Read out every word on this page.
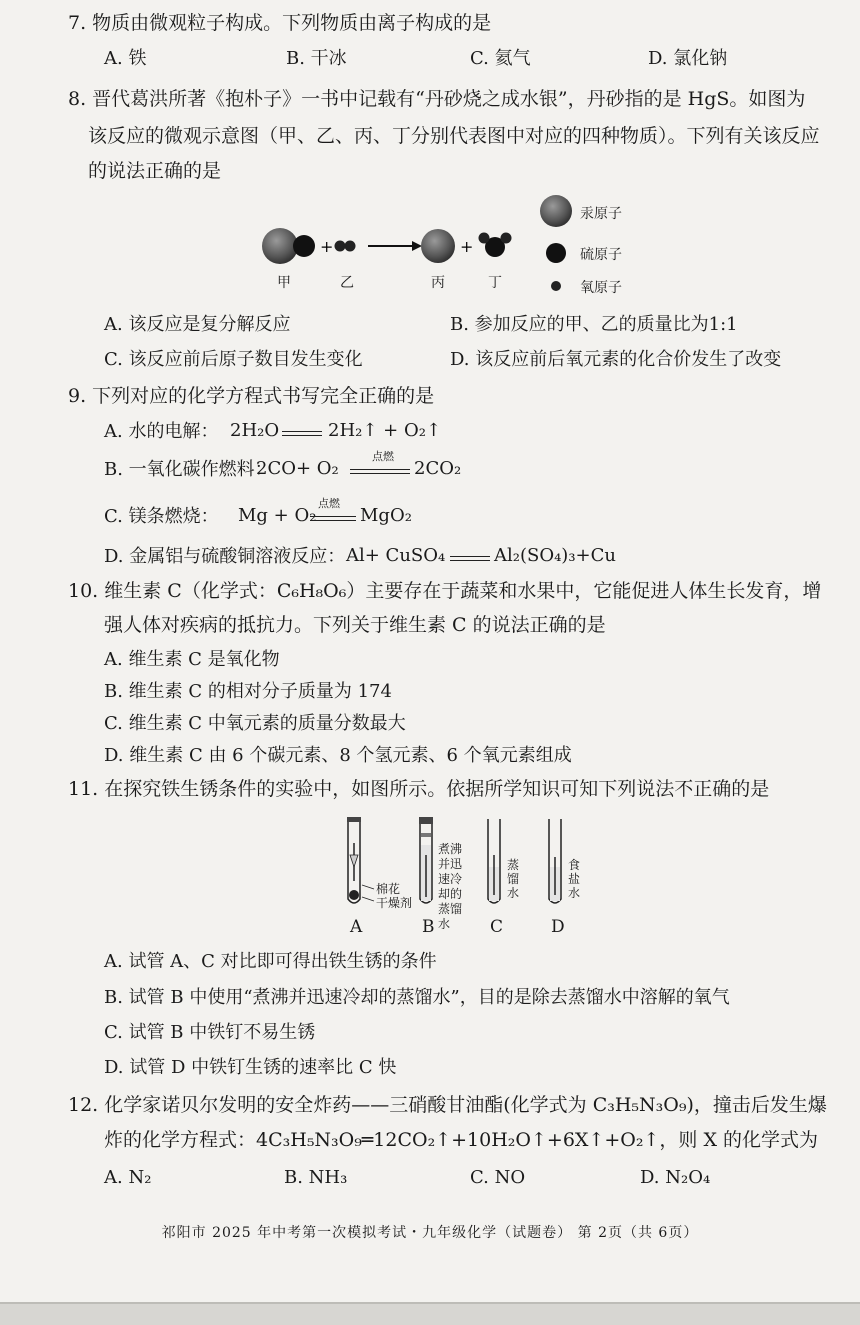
7. 物质由微观粒子构成。下列物质由离子构成的是
A. 铁	B. 干冰	C. 氦气	D. 氯化钠
8. 晋代葛洪所著《抱朴子》一书中记载有“丹砂烧之成水银”，丹砂指的是 HgS。如图为
该反应的微观示意图（甲、乙、丙、丁分别代表图中对应的四种物质）。下列有关该反应
的说法正确的是
+	+
甲	乙	丙	丁
汞原子
硫原子
氧原子
A. 该反应是复分解反应	B. 参加反应的甲、乙的质量比为1:1
C. 该反应前后原子数目发生变化	D. 该反应前后氧元素的化合价发生了改变
9. 下列对应的化学方程式书写完全正确的是
A. 水的电解： 2H₂O	2H₂↑ + O₂↑
B. 一氧化碳作燃料：
2CO+ O₂
点燃
2CO₂
C. 镁条燃烧： Mg + O₂
点燃
MgO₂
D. 金属铝与硫酸铜溶液反应： Al+ CuSO₄	Al₂(SO₄)₃+Cu
10. 维生素 C（化学式：C₆H₈O₆）主要存在于蔬菜和水果中，它能促进人体生长发育，增
强人体对疾病的抵抗力。下列关于维生素 C 的说法正确的是
A. 维生素 C 是氧化物
B. 维生素 C 的相对分子质量为 174
C. 维生素 C 中氧元素的质量分数最大
D. 维生素 C 由 6 个碳元素、8 个氢元素、6 个氧元素组成
11. 在探究铁生锈条件的实验中，如图所示。依据所学知识可知下列说法不正确的是
棉花
干燥剂
煮沸并迅速冷却的蒸馏水
蒸馏水
食盐水
A	B	C	D
A. 试管 A、C 对比即可得出铁生锈的条件
B. 试管 B 中使用“煮沸并迅速冷却的蒸馏水”，目的是除去蒸馏水中溶解的氧气
C. 试管 B 中铁钉不易生锈
D. 试管 D 中铁钉生锈的速率比 C 快
12. 化学家诺贝尔发明的安全炸药——三硝酸甘油酯(化学式为 C₃H₅N₃O₉)，撞击后发生爆
炸的化学方程式：4C₃H₅N₃O₉═12CO₂↑+10H₂O↑+6X↑+O₂↑，则 X 的化学式为
A. N₂	B. NH₃	C. NO	D. N₂O₄
祁阳市 2025 年中考第一次模拟考试・九年级化学（试题卷） 第 2页（共 6页）
